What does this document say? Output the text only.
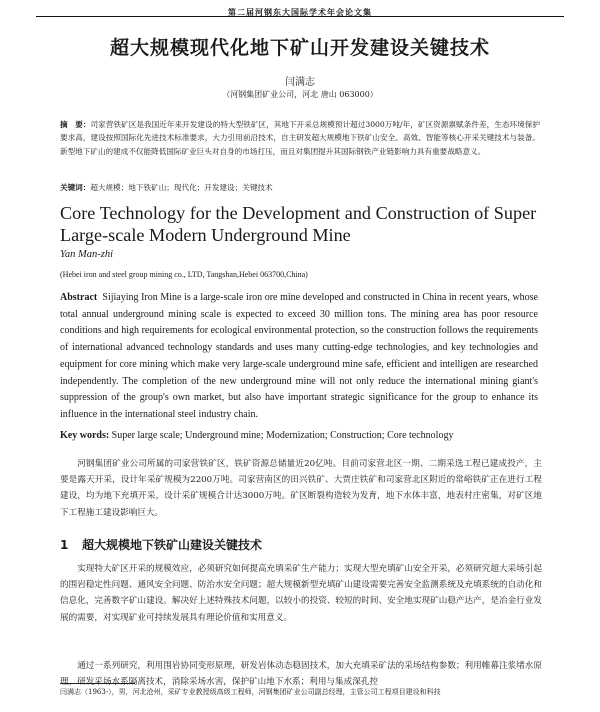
第二届河钢东大国际学术年会论文集
超大规模现代化地下矿山开发建设关键技术
闫满志
（河钢集团矿业公司，河北 唐山 063000）
摘　要：司家营铁矿区是我国近年来开发建设的特大型铁矿区，其地下开采总规模预计超过3000万吨/年，矿区资源禀赋条件差，生态环境保护要求高，建设按照国际化先进技术标准要求，大力引用前沿技术，自主研发超大规模地下铁矿山安全、高效、智能等核心开采关键技术与装备。新型地下矿山的建成不仅能降低国际矿业巨头对自身的市场打压，而且对集团提升其国际钢铁产业链影响力具有重要战略意义。
关键词：超大规模；地下铁矿山；现代化；开发建设；关键技术
Core Technology for the Development and Construction of Super Large-scale Modern Underground Mine
Yan Man-zhi
(Hebei iron and steel group mining co., LTD, Tangshan,Hebei 063700,China)
Abstract Sijiaying Iron Mine is a large-scale iron ore mine developed and constructed in China in recent years, whose total annual underground mining scale is expected to exceed 30 million tons. The mining area has poor resource conditions and high requirements for ecological environmental protection, so the construction follows the requirements of international advanced technology standards and uses many cutting-edge technologies, and key technologies and equipment for core mining which make very large-scale underground mine safe, efficient and intelligen are researched independently. The completion of the new underground mine will not only reduce the international mining giant's suppression of the group's own market, but also have important strategic significance for the group to enhance its influence in the international steel industry chain.
Key words: Super large scale; Underground mine; Modernization; Construction; Core technology
河钢集团矿业公司所属的司家营铁矿区，铁矿资源总储量近20亿吨。目前司家营北区一期、二期采选工程已建成投产，主要是露天开采，设计年采矿规模为2200万吨。司家营南区的田兴铁矿、大贾庄铁矿和司家营北区附近的常峪铁矿正在进行工程建设，均为地下充填开采，设计采矿规模合计达3000万吨。矿区断裂构造较为发育，地下水体丰富，地表村庄密集，对矿区地下工程施工建设影响巨大。
1 超大规模地下铁矿山建设关键技术
实现特大矿区开采的规模效应，必须研究如何提高充填采矿生产能力；实现大型充填矿山安全开采，必须研究超大采场引起的围岩稳定性问题、通风安全问题、防治水安全问题；超大规模新型充填矿山建设需要完善安全监测系统及充填系统的自动化和信息化，完善数字矿山建设。解决好上述特殊技术问题，以较小的投资、较短的时间、安全地实现矿山稳产达产，是冶金行业发展的需要，对实现矿业可持续发展具有理论价值和实用意义。
通过一系列研究，利用围岩协同变形原理，研发岩体动态稳固技术，加大充填采矿法的采场结构参数；利用帷幕注浆堵水原理，研发采场水系隔离技术，消除采场水害，保护矿山地下水系；利用与集成深孔控
闫满志（1963-），男，河北沧州，采矿专业教授级高级工程师，河钢集团矿业公司副总经理，主管公司工程项目建设和科技
